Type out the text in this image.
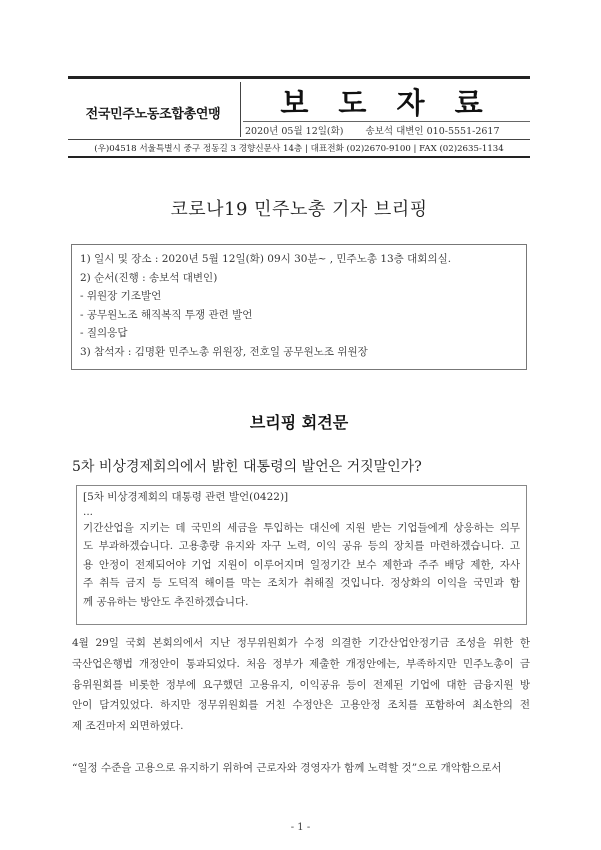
전국민주노동조합총연맹	보 도 자 료
2020년 05월 12일(화) 송보석 대변인 010-5551-2617
(우)04518 서울특별시 중구 정동길 3 경향신문사 14층 | 대표전화 (02)2670-9100 | FAX (02)2635-1134
코로나19 민주노총 기자 브리핑
1) 일시 및 장소 : 2020년 5월 12일(화) 09시 30분~ , 민주노총 13층 대회의실.
2) 순서(진행 : 송보석 대변인)
- 위원장 기조발언
- 공무원노조 해직복직 투쟁 관련 발언
- 질의응답
3) 참석자 : 김명환 민주노총 위원장, 전호일 공무원노조 위원장
브리핑 회견문
5차 비상경제회의에서 밝힌 대통령의 발언은 거짓말인가?
[5차 비상경제회의 대통령 관련 발언(0422)]
...
기간산업을 지키는 데 국민의 세금을 투입하는 대신에 지원 받는 기업들에게 상응하는 의무
도 부과하겠습니다. 고용총량 유지와 자구 노력, 이익 공유 등의 장치를 마련하겠습니다. 고
용 안정이 전제되어야 기업 지원이 이루어지며 일정기간 보수 제한과 주주 배당 제한, 자사
주 취득 금지 등 도덕적 해이를 막는 조치가 취해질 것입니다. 정상화의 이익을 국민과 함
께 공유하는 방안도 추진하겠습니다.
4월 29일 국회 본회의에서 지난 정무위원회가 수정 의결한 기간산업안정기금 조성을 위한 한
국산업은행법 개정안이 통과되었다. 처음 정부가 제출한 개정안에는, 부족하지만 민주노총이 금
융위원회를 비롯한 정부에 요구했던 고용유지, 이익공유 등이 전제된 기업에 대한 금융지원 방
안이 담겨있었다. 하지만 정무위원회를 거친 수정안은 고용안정 조치를 포함하여 최소한의 전
제 조건마저 외면하였다.
“일정 수준을 고용으로 유지하기 위하여 근로자와 경영자가 함께 노력할 것”으로 개악함으로서
- 1 -
